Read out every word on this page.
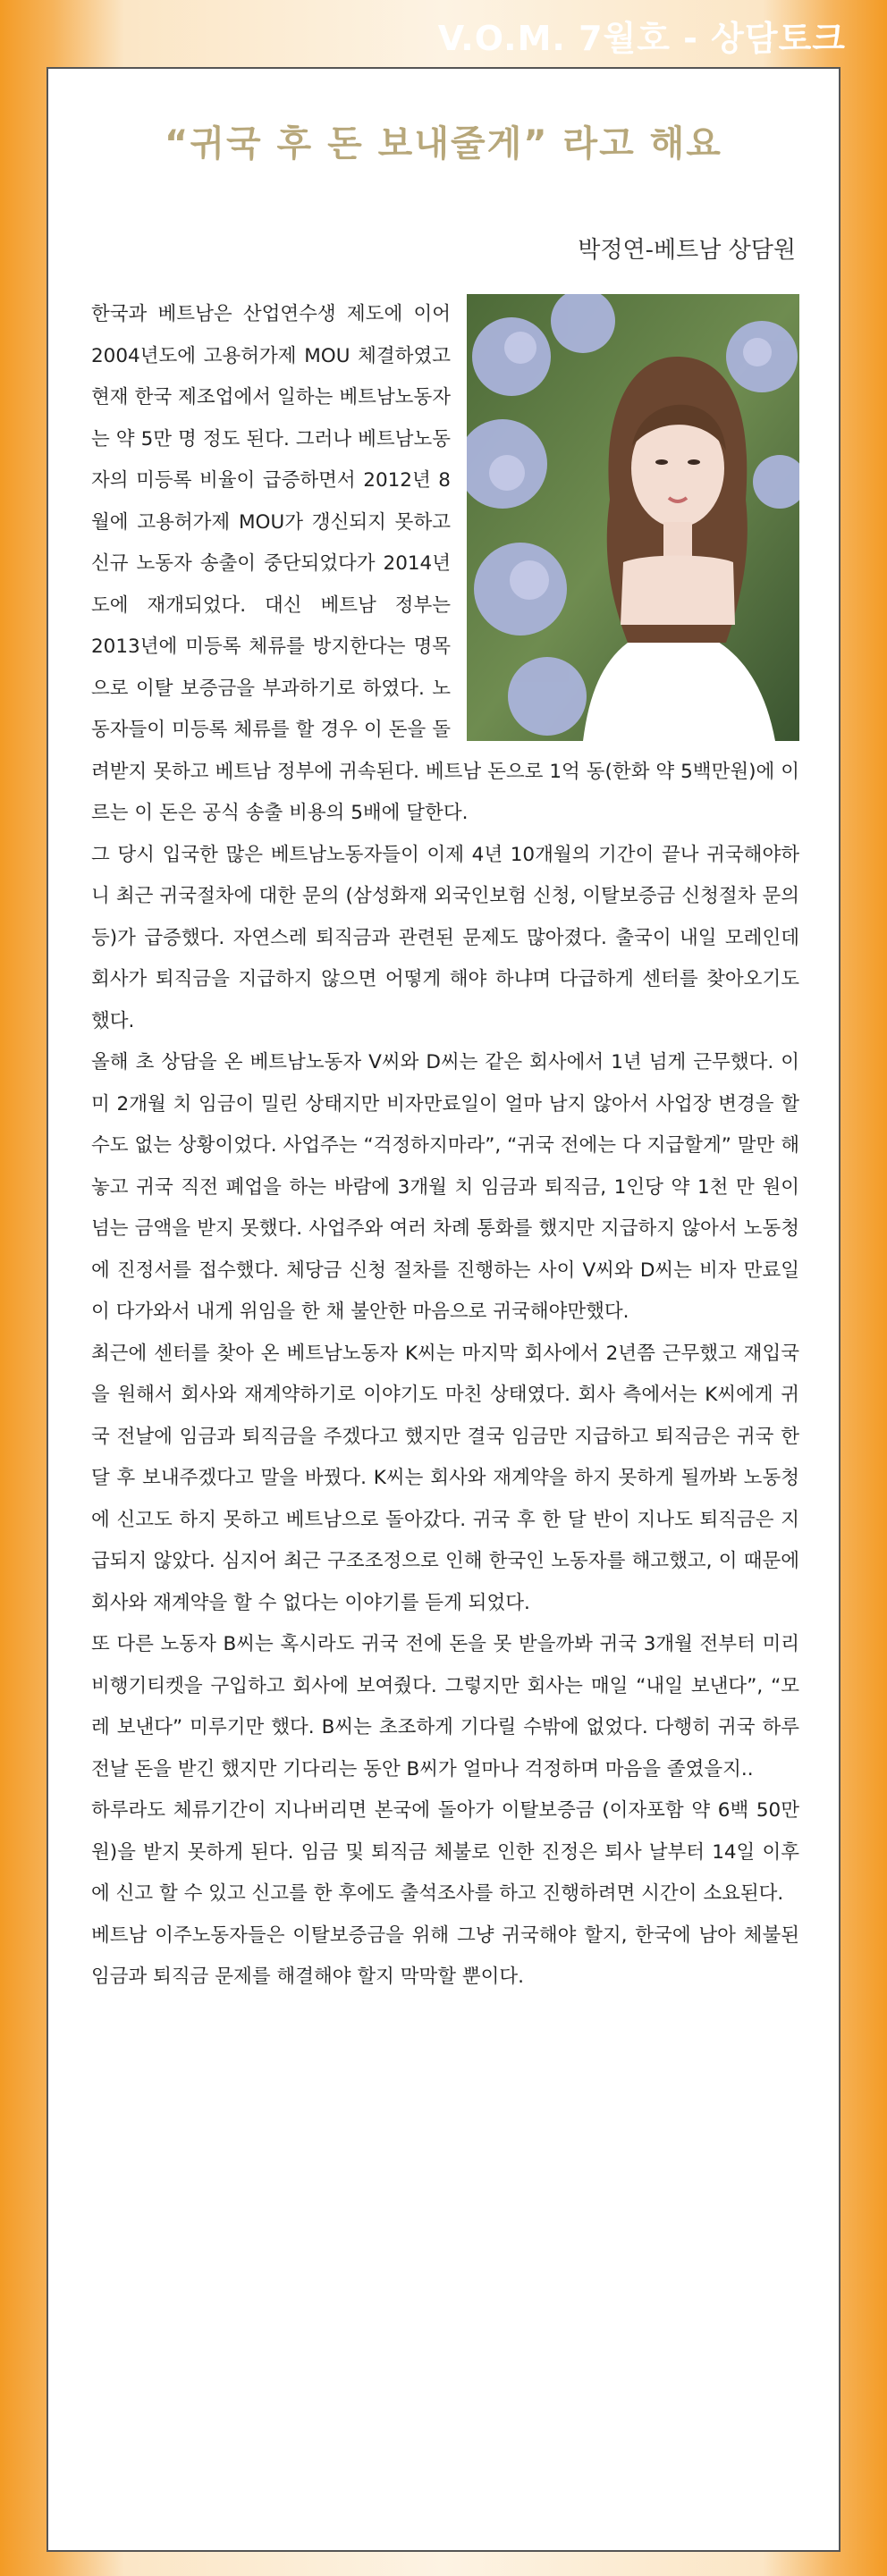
V.O.M. 7월호 - 상담토크
“귀국 후 돈 보내줄게” 라고 해요
박정연-베트남 상담원

한국과 베트남은 산업연수생 제도에 이어 2004년도에 고용허가제 MOU 체결하였고 현재 한국 제조업에서 일하는 베트남노동자는 약 5만 명 정도 된다. 그러나 베트남노동자의 미등록 비율이 급증하면서 2012년 8월에 고용허가제 MOU가 갱신되지 못하고 신규 노동자 송출이 중단되었다가 2014년도에 재개되었다. 대신 베트남 정부는 2013년에 미등록 체류를 방지한다는 명목으로 이탈 보증금을 부과하기로 하였다. 노동자들이 미등록 체류를 할 경우 이 돈을 돌려받지 못하고 베트남 정부에 귀속된다. 베트남 돈으로 1억 동(한화 약 5백만원)에 이르는 이 돈은 공식 송출 비용의 5배에 달한다.

그 당시 입국한 많은 베트남노동자들이 이제 4년 10개월의 기간이 끝나 귀국해야하니 최근 귀국절차에 대한 문의 (삼성화재 외국인보험 신청, 이탈보증금 신청절차 문의 등)가 급증했다. 자연스레 퇴직금과 관련된 문제도 많아졌다. 출국이 내일 모레인데 회사가 퇴직금을 지급하지 않으면 어떻게 해야 하냐며 다급하게 센터를 찾아오기도 했다.

올해 초 상담을 온 베트남노동자 V씨와 D씨는 같은 회사에서 1년 넘게 근무했다. 이미 2개월 치 임금이 밀린 상태지만 비자만료일이 얼마 남지 않아서 사업장 변경을 할 수도 없는 상황이었다. 사업주는 “걱정하지마라”, “귀국 전에는 다 지급할게” 말만 해놓고 귀국 직전 폐업을 하는 바람에 3개월 치 임금과 퇴직금, 1인당 약 1천 만 원이 넘는 금액을 받지 못했다. 사업주와 여러 차례 통화를 했지만 지급하지 않아서 노동청에 진정서를 접수했다. 체당금 신청 절차를 진행하는 사이 V씨와 D씨는 비자 만료일이 다가와서 내게 위임을 한 채 불안한 마음으로 귀국해야만했다.

최근에 센터를 찾아 온 베트남노동자 K씨는 마지막 회사에서 2년쯤 근무했고 재입국을 원해서 회사와 재계약하기로 이야기도 마친 상태였다. 회사 측에서는 K씨에게 귀국 전날에 임금과 퇴직금을 주겠다고 했지만 결국 임금만 지급하고 퇴직금은 귀국 한 달 후 보내주겠다고 말을 바꿨다. K씨는 회사와 재계약을 하지 못하게 될까봐 노동청에 신고도 하지 못하고 베트남으로 돌아갔다. 귀국 후 한 달 반이 지나도 퇴직금은 지급되지 않았다. 심지어 최근 구조조정으로 인해 한국인 노동자를 해고했고, 이 때문에 회사와 재계약을 할 수 없다는 이야기를 듣게 되었다.

또 다른 노동자 B씨는 혹시라도 귀국 전에 돈을 못 받을까봐 귀국 3개월 전부터 미리 비행기티켓을 구입하고 회사에 보여줬다. 그렇지만 회사는 매일 “내일 보낸다”, “모레 보낸다” 미루기만 했다. B씨는 초조하게 기다릴 수밖에 없었다. 다행히 귀국 하루 전날 돈을 받긴 했지만 기다리는 동안 B씨가 얼마나 걱정하며 마음을 졸였을지..

하루라도 체류기간이 지나버리면 본국에 돌아가 이탈보증금 (이자포함 약 6백 50만원)을 받지 못하게 된다. 임금 및 퇴직금 체불로 인한 진정은 퇴사 날부터 14일 이후에 신고 할 수 있고 신고를 한 후에도 출석조사를 하고 진행하려면 시간이 소요된다.

베트남 이주노동자들은 이탈보증금을 위해 그냥 귀국해야 할지, 한국에 남아 체불된 임금과 퇴직금 문제를 해결해야 할지 막막할 뿐이다.
